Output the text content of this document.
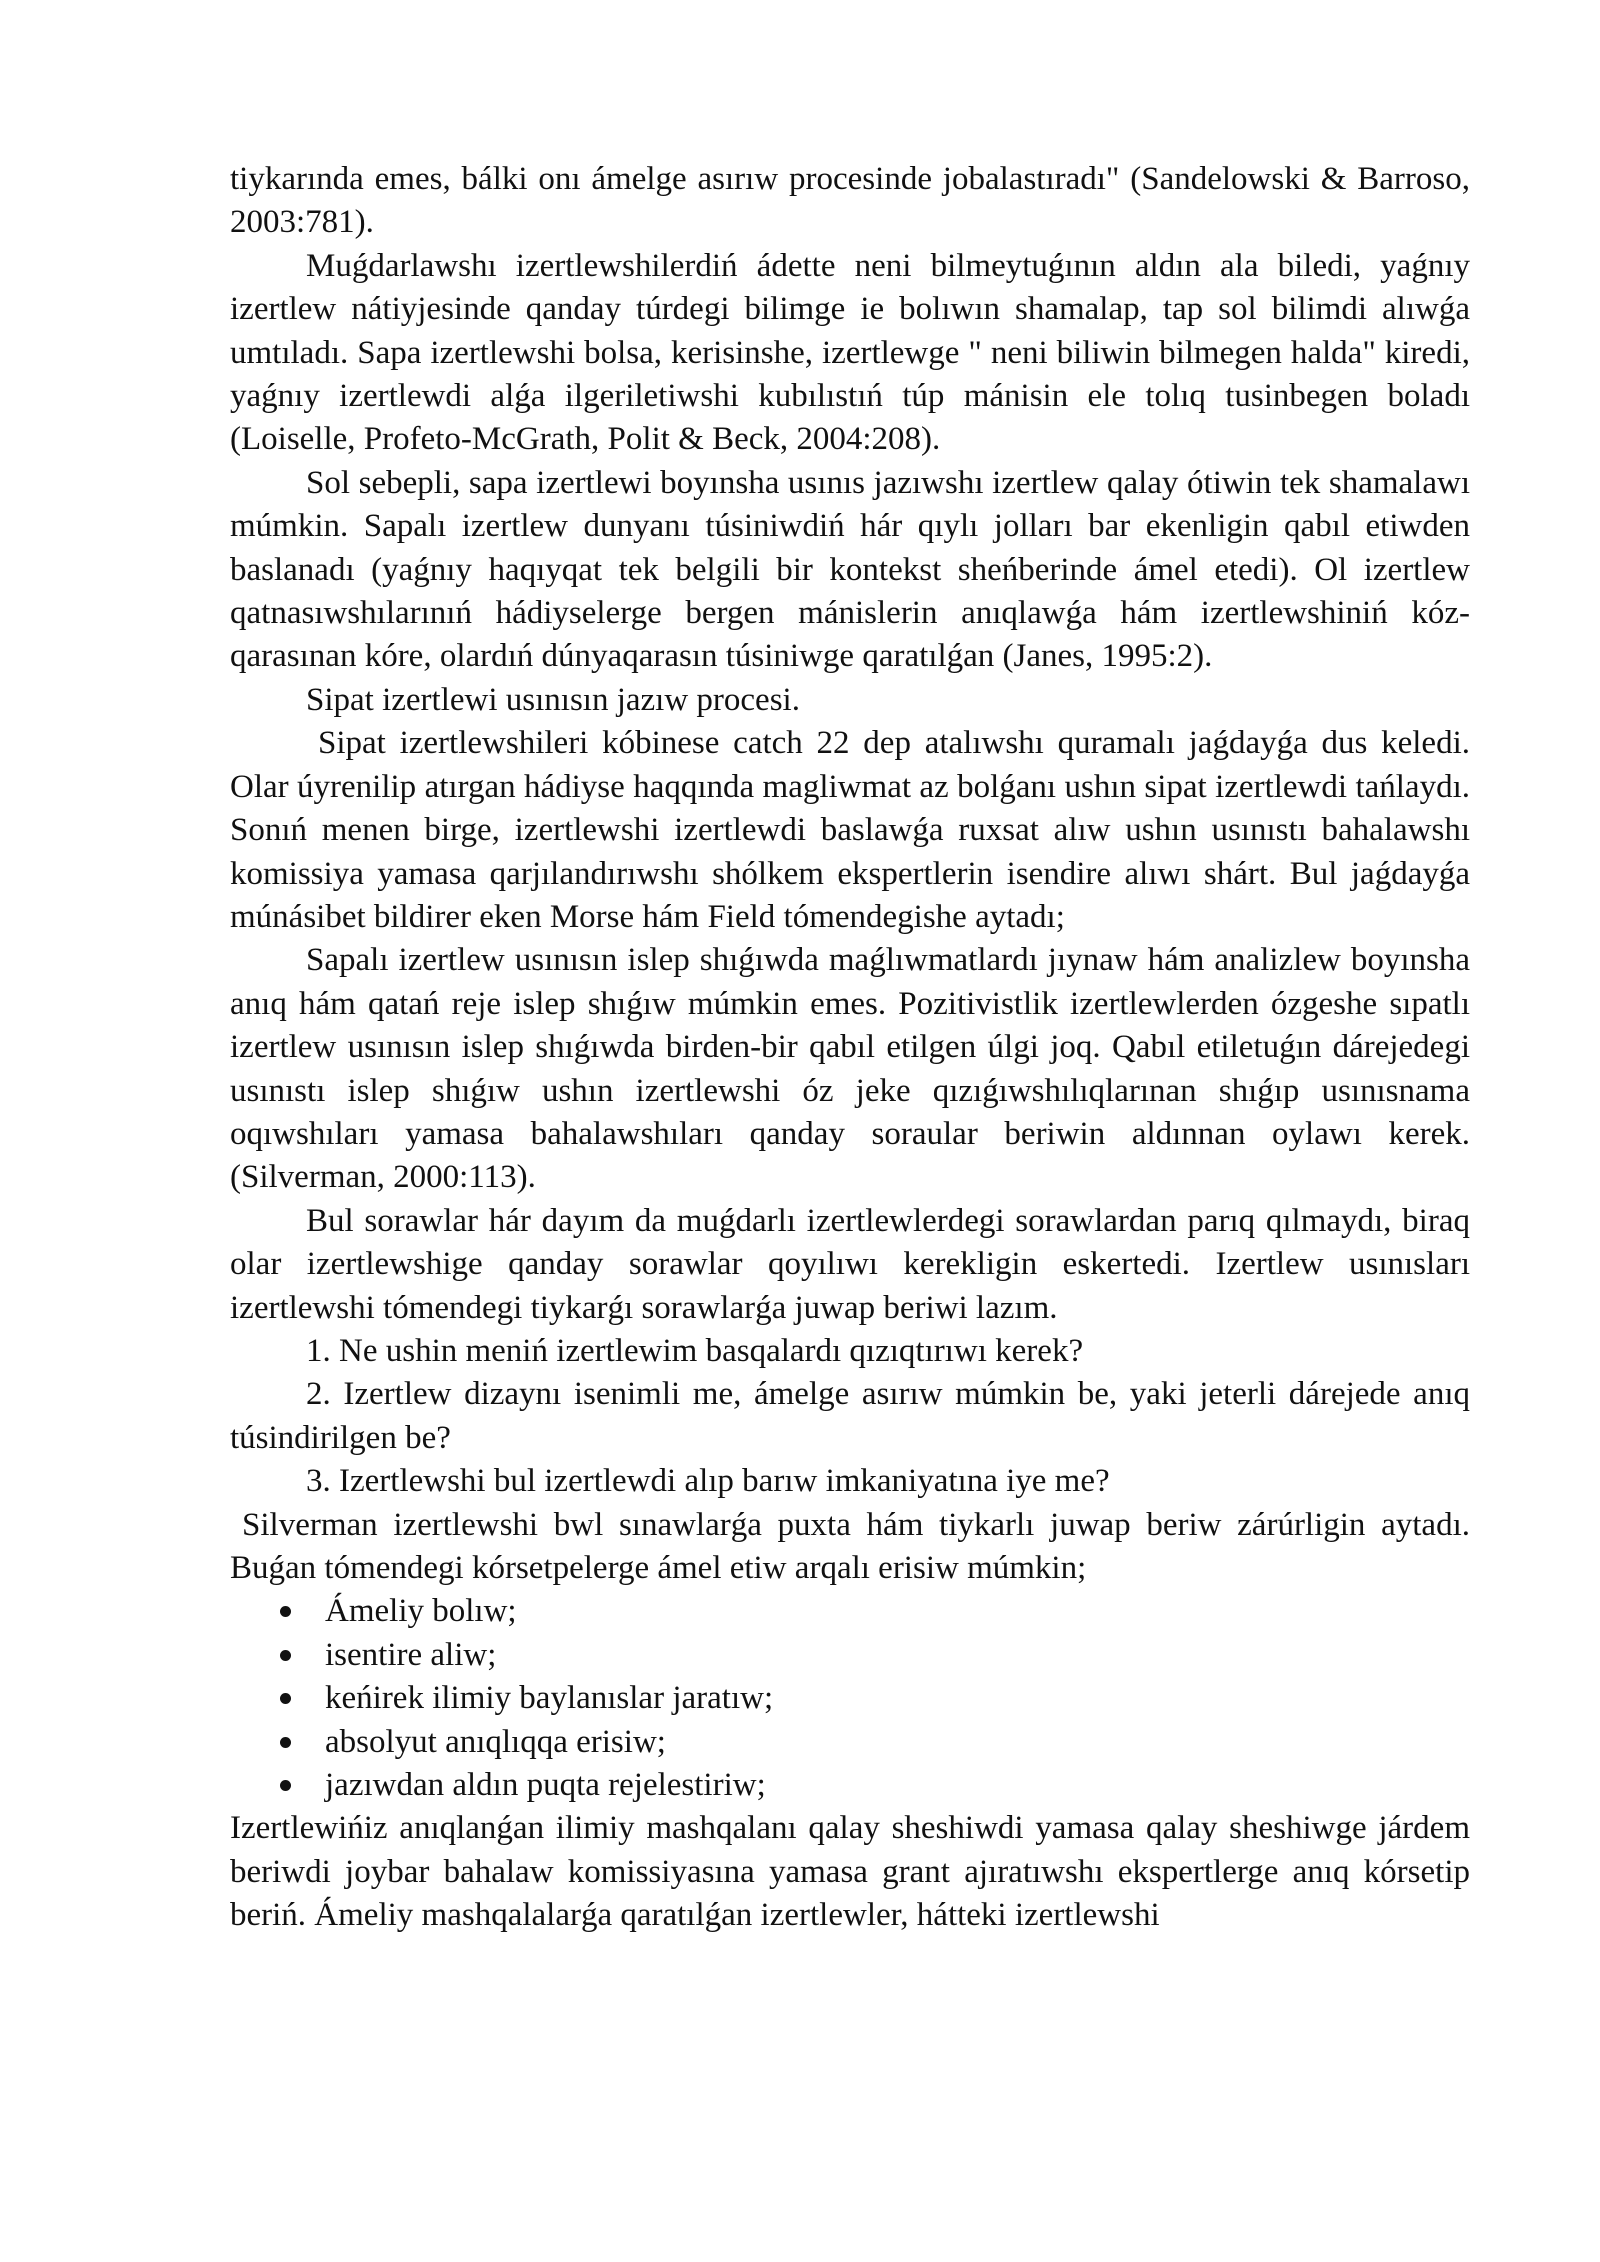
tiykarında emes, bálki onı ámelge asırıw procesinde jobalastıradı" (Sandelowski & Barroso, 2003:781).

Muǵdarlawshı izertlewshilerdiń ádette neni bilmeytuǵının aldın ala biledi, yaǵnıy izertlew nátiyjesinde qanday túrdegi bilimge ie bolıwın shamalap, tap sol bilimdi alıwǵa umtıladı. Sapa izertlewshi bolsa, kerisinshe, izertlewge " neni biliwin bilmegen halda" kiredi, yaǵnıy izertlewdi alǵa ilgeriletiwshi kubılıstıń túp mánisin ele tolıq tusinbegen boladı (Loiselle, Profeto-McGrath, Polit & Beck, 2004:208).

Sol sebepli, sapa izertlewi boyınsha usınıs jazıwshı izertlew qalay ótiwin tek shamalawı múmkin. Sapalı izertlew dunyanı túsiniwdiń hár qıylı jolları bar ekenligin qabıl etiwden baslanadı (yaǵnıy haqıyqat tek belgili bir kontekst sheńberinde ámel etedi). Ol izertlew qatnasıwshılarınıń hádiyselerge bergen mánislerin anıqlawǵa hám izertlewshiniń kóz-qarasınan kóre, olardıń dúnyaqarasın túsiniwge qaratılǵan (Janes, 1995:2).

Sipat izertlewi usınısın jazıw procesi.

Sipat izertlewshileri kóbinese catch 22 dep atalıwshı quramalı jaǵdayǵa dus keledi. Olar úyrenilip atırgan hádiyse haqqında magliwmat az bolǵanı ushın sipat izertlewdi tańlaydı. Sonıń menen birge, izertlewshi izertlewdi baslawǵa ruxsat alıw ushın usınıstı bahalawshı komissiya yamasa qarjılandırıwshı shólkem ekspertlerin isendire alıwı shárt. Bul jaǵdayǵa múnásibet bildirer eken Morse hám Field tómendegishe aytadı;

Sapalı izertlew usınısın islep shıǵıwda maǵlıwmatlardı jıynaw hám analizlew boyınsha anıq hám qatań reje islep shıǵıw múmkin emes. Pozitivistlik izertlewlerden ózgeshe sıpatlı izertlew usınısın islep shıǵıwda birden-bir qabıl etilgen úlgi joq. Qabıl etiletuǵın dárejedegi usınıstı islep shıǵıw ushın izertlewshi óz jeke qızıǵıwshılıqlarınan shıǵıp usınısnama oqıwshıları yamasa bahalawshıları qanday soraular beriwin aldınnan oylawı kerek. (Silverman, 2000:113).

Bul sorawlar hár dayım da muǵdarlı izertlewlerdegi sorawlardan parıq qılmaydı, biraq olar izertlewshige qanday sorawlar qoyılıwı kerekligin eskertedi. Izertlew usınısları izertlewshi tómendegi tiykarǵı sorawlarǵa juwap beriwi lazım.

1. Ne ushin meniń izertlewim basqalardı qızıqtırıwı kerek?

2. Izertlew dizaynı isenimli me, ámelge asırıw múmkin be, yaki jeterli dárejede anıq túsindirilgen be?

3. Izertlewshi bul izertlewdi alıp barıw imkaniyatına iye me?

Silverman izertlewshi bwl sınawlarǵa puxta hám tiykarlı juwap beriw zárúrligin aytadı. Buǵan tómendegi kórsetpelerge ámel etiw arqalı erisiw múmkin;

Ámeliy bolıw;
isentire aliw;
keńirek ilimiy baylanıslar jaratıw;
absolyut anıqlıqqa erisiw;
jazıwdan aldın puqta rejelestiriw;

Izertlewińiz anıqlanǵan ilimiy mashqalanı qalay sheshiwdi yamasa qalay sheshiwge járdem beriwdi joybar bahalaw komissiyasına yamasa grant ajıratıwshı ekspertlerge anıq kórsetip beriń. Ámeliy mashqalalarǵa qaratılǵan izertlewler, hátteki izertlewshi
